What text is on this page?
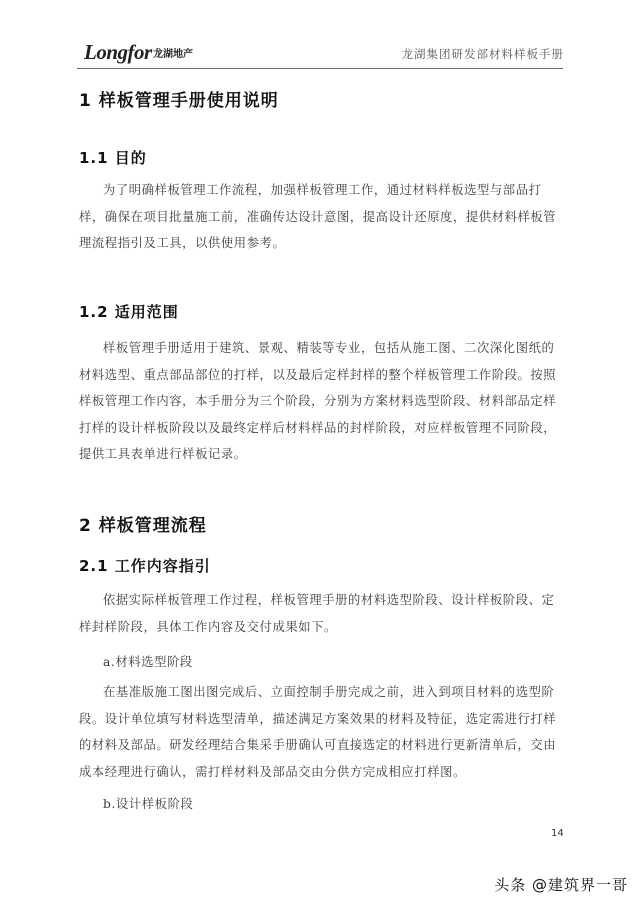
Longfor 龙湖地产	龙湖集团研发部材料样板手册
1 样板管理手册使用说明
1.1 目的

为了明确样板管理工作流程，加强样板管理工作，通过材料样板选型与部品打样，确保在项目批量施工前，准确传达设计意图，提高设计还原度，提供材料样板管理流程指引及工具，以供使用参考。

1.2 适用范围

样板管理手册适用于建筑、景观、精装等专业，包括从施工图、二次深化图纸的材料选型、重点部品部位的打样，以及最后定样封样的整个样板管理工作阶段。按照样板管理工作内容，本手册分为三个阶段，分别为方案材料选型阶段、材料部品定样打样的设计样板阶段以及最终定样后材料样品的封样阶段，对应样板管理不同阶段，提供工具表单进行样板记录。

2 样板管理流程
2.1 工作内容指引

依据实际样板管理工作过程，样板管理手册的材料选型阶段、设计样板阶段、定样封样阶段，具体工作内容及交付成果如下。

a.材料选型阶段

在基准版施工图出图完成后、立面控制手册完成之前，进入到项目材料的选型阶段。设计单位填写材料选型清单，描述满足方案效果的材料及特征，选定需进行打样的材料及部品。研发经理结合集采手册确认可直接选定的材料进行更新清单后，交由成本经理进行确认，需打样材料及部品交由分供方完成相应打样图。

b.设计样板阶段
14
头条 @建筑界一哥
